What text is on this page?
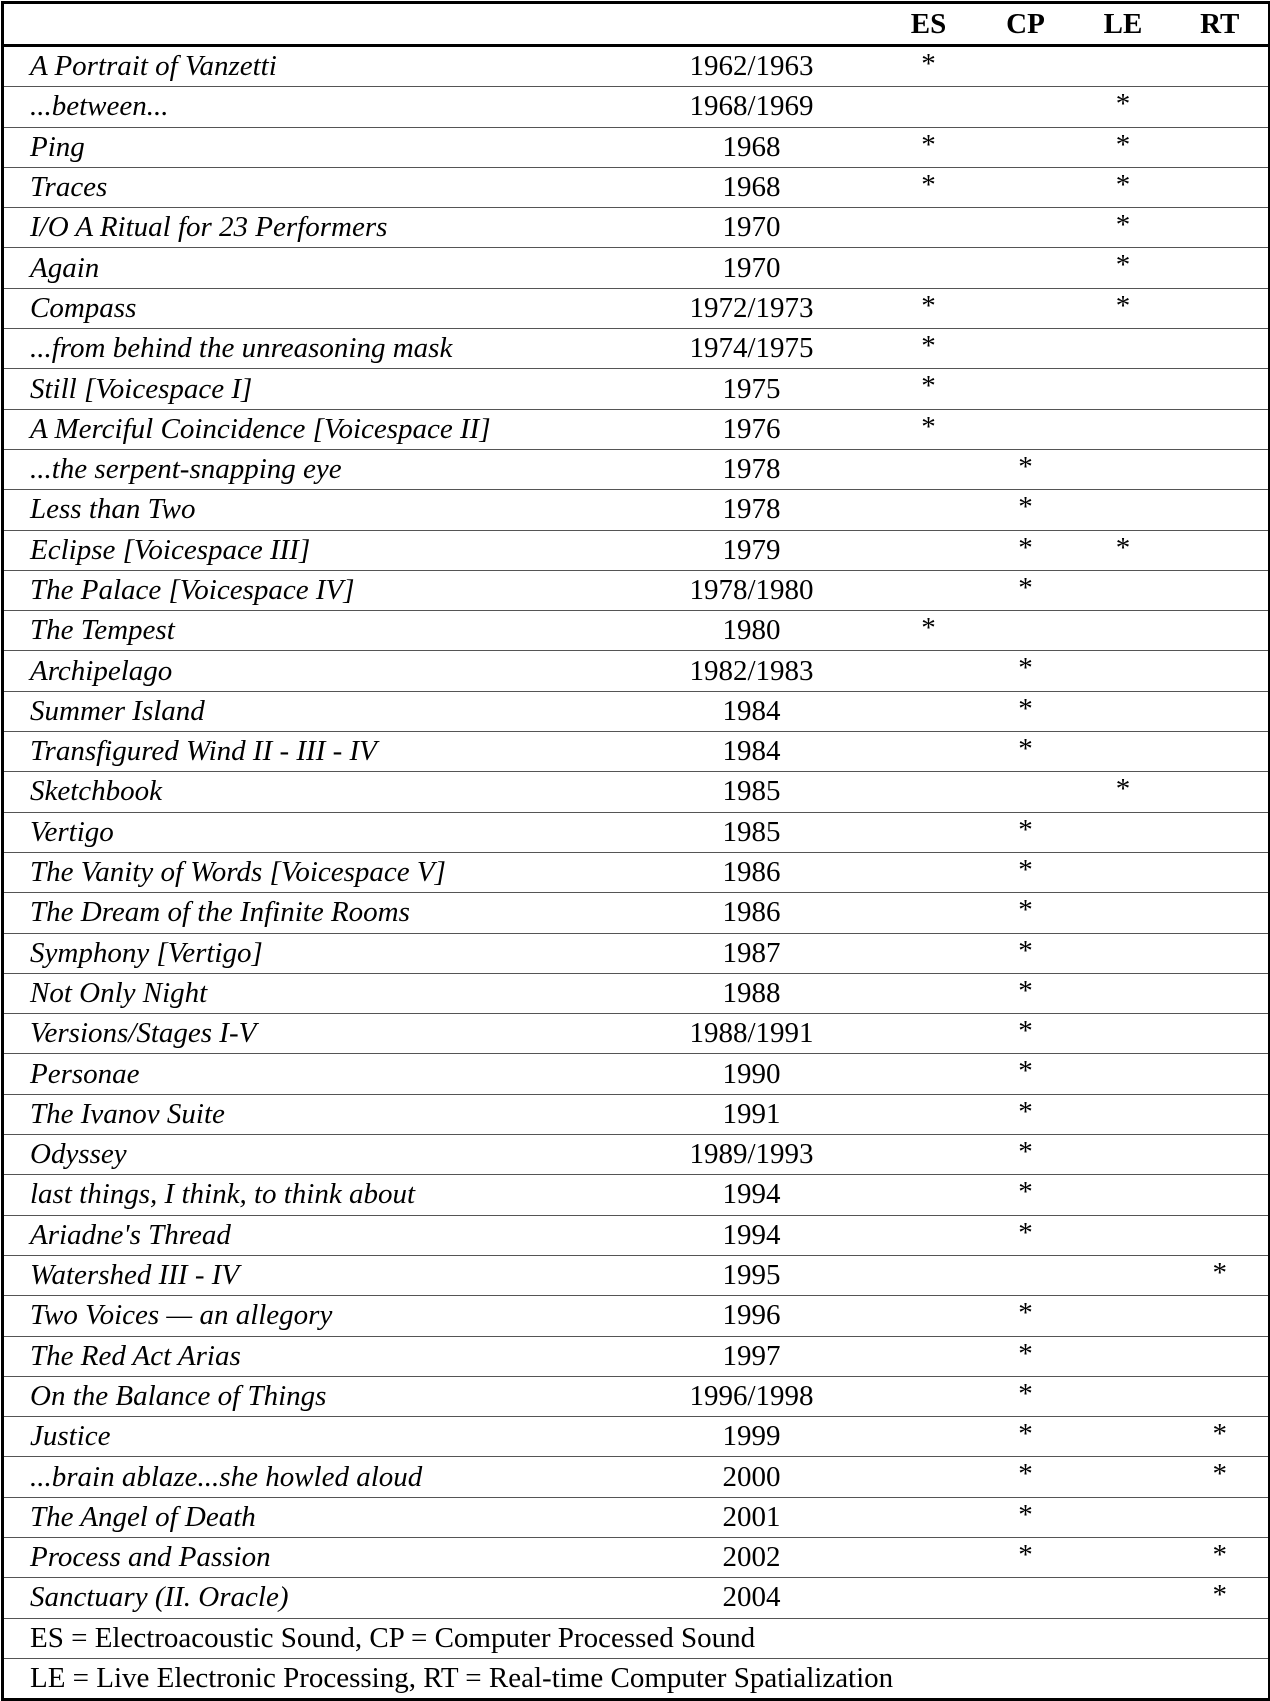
		ES	CP	LE	RT
A Portrait of Vanzetti	1962/1963	*			
...between...	1968/1969			*	
Ping	1968	*		*	
Traces	1968	*		*	
I/O A Ritual for 23 Performers	1970			*	
Again	1970			*	
Compass	1972/1973	*		*	
...from behind the unreasoning mask	1974/1975	*			
Still [Voicespace I]	1975	*			
A Merciful Coincidence [Voicespace II]	1976	*			
...the serpent-snapping eye	1978		*		
Less than Two	1978		*		
Eclipse [Voicespace III]	1979		*	*	
The Palace [Voicespace IV]	1978/1980		*		
The Tempest	1980	*			
Archipelago	1982/1983		*		
Summer Island	1984		*		
Transfigured Wind II - III - IV	1984		*		
Sketchbook	1985			*	
Vertigo	1985		*		
The Vanity of Words [Voicespace V]	1986		*		
The Dream of the Infinite Rooms	1986		*		
Symphony [Vertigo]	1987		*		
Not Only Night	1988		*		
Versions/Stages I-V	1988/1991		*		
Personae	1990		*		
The Ivanov Suite	1991		*		
Odyssey	1989/1993		*		
last things, I think, to think about	1994		*		
Ariadne's Thread	1994		*		
Watershed III - IV	1995				*
Two Voices — an allegory	1996		*		
The Red Act Arias	1997		*		
On the Balance of Things	1996/1998		*		
Justice	1999		*		*
...brain ablaze...she howled aloud	2000		*		*
The Angel of Death	2001		*		
Process and Passion	2002		*		*
Sanctuary (II. Oracle)	2004				*
ES = Electroacoustic Sound, CP = Computer Processed Sound					
LE = Live Electronic Processing, RT = Real-time Computer Spatialization					
